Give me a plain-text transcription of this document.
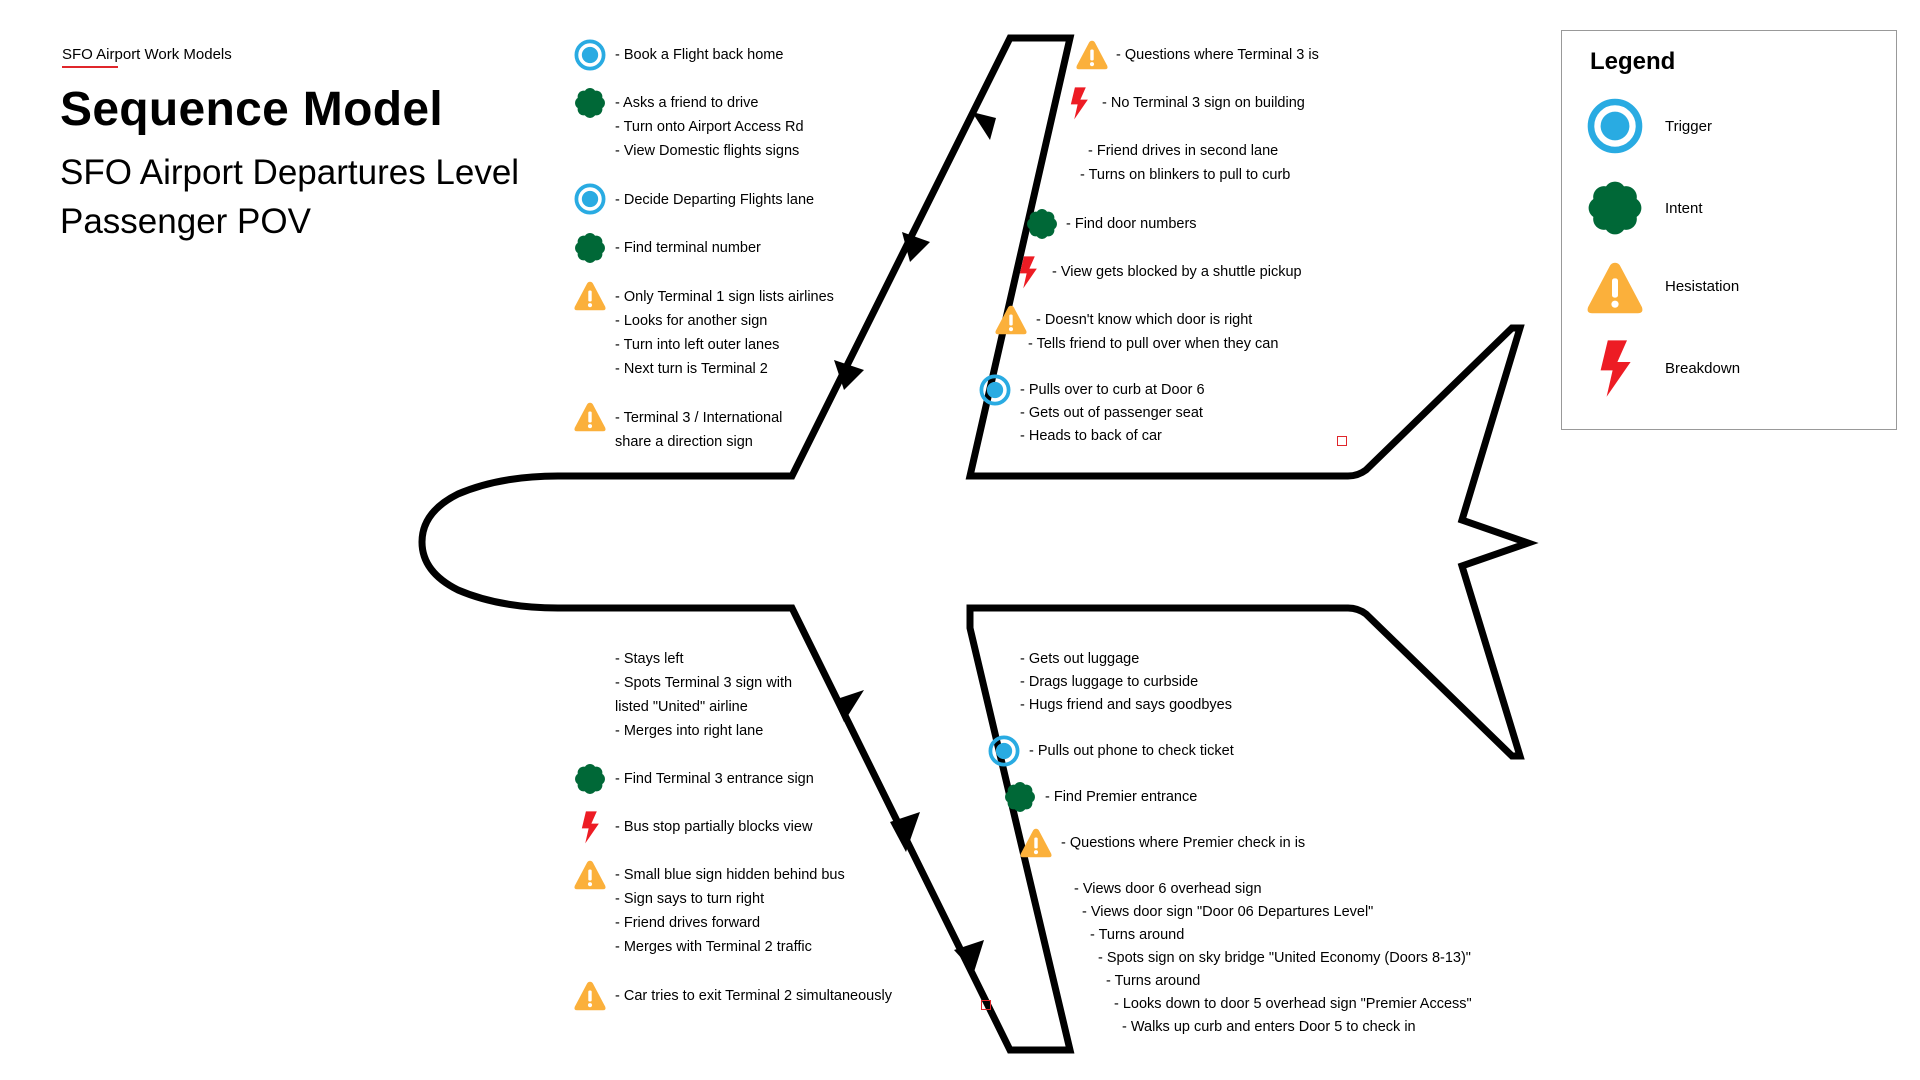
SFO Airport Work Models
Sequence Model
SFO Airport Departures Level
Passenger POV
- Book a Flight back home
- Asks a friend to drive
- Turn onto Airport Access Rd
- View Domestic flights signs
- Decide Departing Flights lane
- Find terminal number
- Only Terminal 1 sign lists airlines
- Looks for another sign
- Turn into left outer lanes
- Next turn is Terminal 2
- Terminal 3 / International
share a direction sign
- Questions where Terminal 3 is
- No Terminal 3 sign on building
- Friend drives in second lane
- Turns on blinkers to pull to curb
- Find door numbers
- View gets blocked by a shuttle pickup
- Doesn't know which door is right
- Tells friend to pull over when they can
- Pulls over to curb at Door 6
- Gets out of passenger seat
- Heads to back of car
- Stays left
- Spots Terminal 3 sign with
listed "United" airline
- Merges into right lane
- Find Terminal 3 entrance sign
- Bus stop partially blocks view
- Small blue sign hidden behind bus
- Sign says to turn right
- Friend drives forward
- Merges with Terminal 2 traffic
- Car tries to exit Terminal 2 simultaneously
- Gets out luggage
- Drags luggage to curbside
- Hugs friend and says goodbyes
- Pulls out phone to check ticket
- Find Premier entrance
- Questions where Premier check in is
- Views door 6 overhead sign
- Views door sign "Door 06 Departures Level"
- Turns around
- Spots sign on sky bridge "United Economy (Doors 8-13)"
- Turns around
- Looks down to door 5 overhead sign "Premier Access"
- Walks up curb and enters Door 5 to check in
Legend
Trigger
Intent
Hesistation
Breakdown
